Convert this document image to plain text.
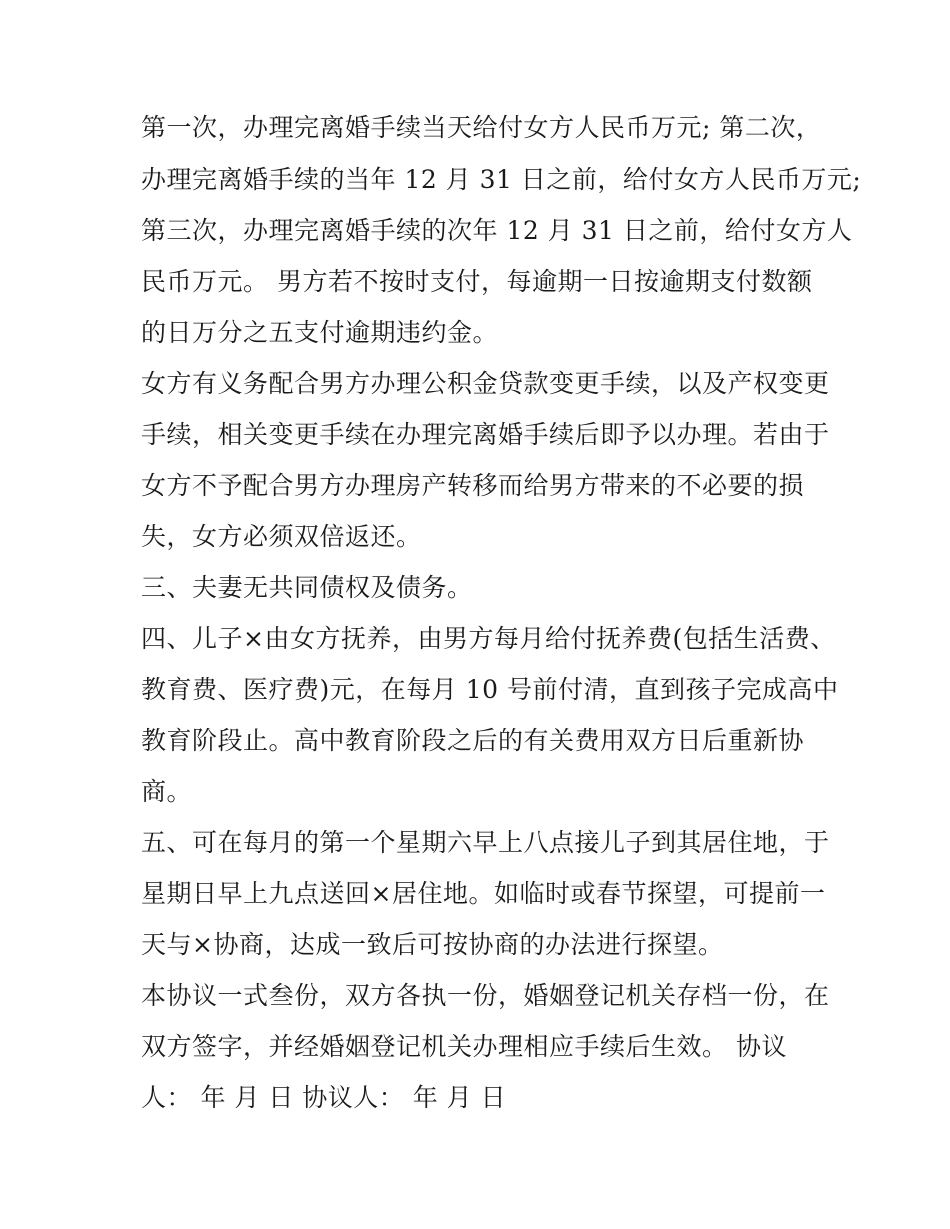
第一次，办理完离婚手续当天给付女方人民币万元; 第二次，
办理完离婚手续的当年 12 月 31 日之前，给付女方人民币万元;
第三次，办理完离婚手续的次年 12 月 31 日之前，给付女方人
民币万元。 男方若不按时支付，每逾期一日按逾期支付数额
的日万分之五支付逾期违约金。
女方有义务配合男方办理公积金贷款变更手续，以及产权变更
手续，相关变更手续在办理完离婚手续后即予以办理。若由于
女方不予配合男方办理房产转移而给男方带来的不必要的损
失，女方必须双倍返还。
三、夫妻无共同债权及债务。
四、儿子×由女方抚养，由男方每月给付抚养费(包括生活费、
教育费、医疗费)元，在每月 10 号前付清，直到孩子完成高中
教育阶段止。高中教育阶段之后的有关费用双方日后重新协
商。
五、可在每月的第一个星期六早上八点接儿子到其居住地，于
星期日早上九点送回×居住地。如临时或春节探望，可提前一
天与×协商，达成一致后可按协商的办法进行探望。
本协议一式叁份，双方各执一份，婚姻登记机关存档一份，在
双方签字，并经婚姻登记机关办理相应手续后生效。 协议
人： 年 月 日 协议人： 年 月 日
